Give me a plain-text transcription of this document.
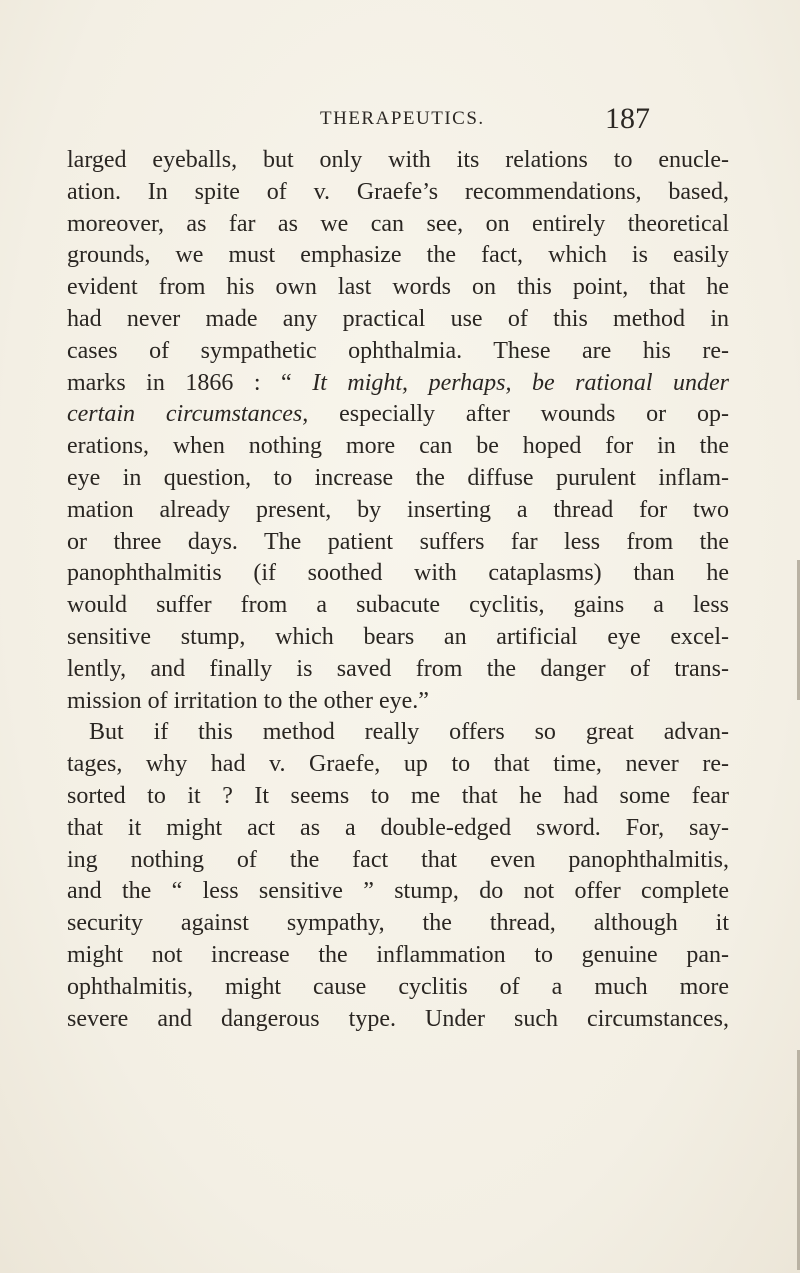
THERAPEUTICS.	187
larged eyeballs, but only with its relations to enucle-
ation. In spite of v. Graefe’s recommendations, based,
moreover, as far as we can see, on entirely theoretical
grounds, we must emphasize the fact, which is easily
evident from his own last words on this point, that he
had never made any practical use of this method in
cases of sympathetic ophthalmia. These are his re-
marks in 1866 : “ It might, perhaps, be rational under
certain circumstances, especially after wounds or op-
erations, when nothing more can be hoped for in the
eye in question, to increase the diffuse purulent inflam-
mation already present, by inserting a thread for two
or three days. The patient suffers far less from the
panophthalmitis (if soothed with cataplasms) than he
would suffer from a subacute cyclitis, gains a less
sensitive stump, which bears an artificial eye excel-
lently, and finally is saved from the danger of trans-
mission of irritation to the other eye.”
But if this method really offers so great advan-
tages, why had v. Graefe, up to that time, never re-
sorted to it ? It seems to me that he had some fear
that it might act as a double-edged sword. For, say-
ing nothing of the fact that even panophthalmitis,
and the “ less sensitive ” stump, do not offer complete
security against sympathy, the thread, although it
might not increase the inflammation to genuine pan-
ophthalmitis, might cause cyclitis of a much more
severe and dangerous type. Under such circumstances,
